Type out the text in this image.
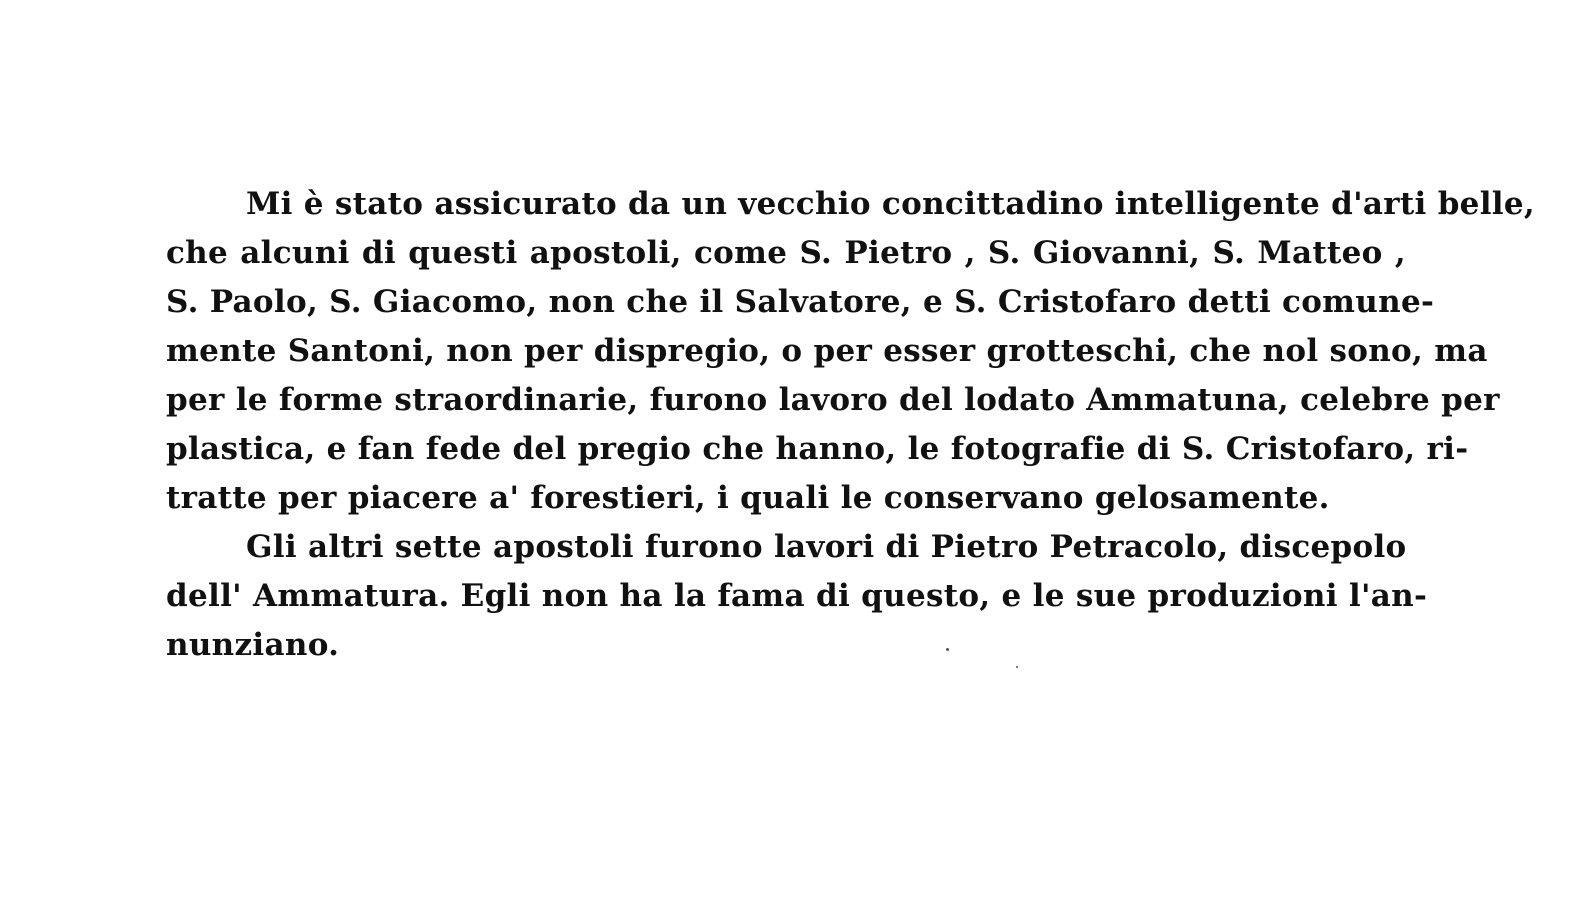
Mi è stato assicurato da un vecchio concittadino intelligente d'arti belle,
che alcuni di questi apostoli, come S. Pietro , S. Giovanni, S. Matteo ,
S. Paolo, S. Giacomo, non che il Salvatore, e S. Cristofaro detti comune-
mente Santoni, non per dispregio, o per esser grotteschi, che nol sono, ma
per le forme straordinarie, furono lavoro del lodato Ammatuna, celebre per
plastica, e fan fede del pregio che hanno, le fotografie di S. Cristofaro, ri-
tratte per piacere a' forestieri, i quali le conservano gelosamente.
Gli altri sette apostoli furono lavori di Pietro Petracolo, discepolo
dell' Ammatura. Egli non ha la fama di questo, e le sue produzioni l'an-
nunziano.
